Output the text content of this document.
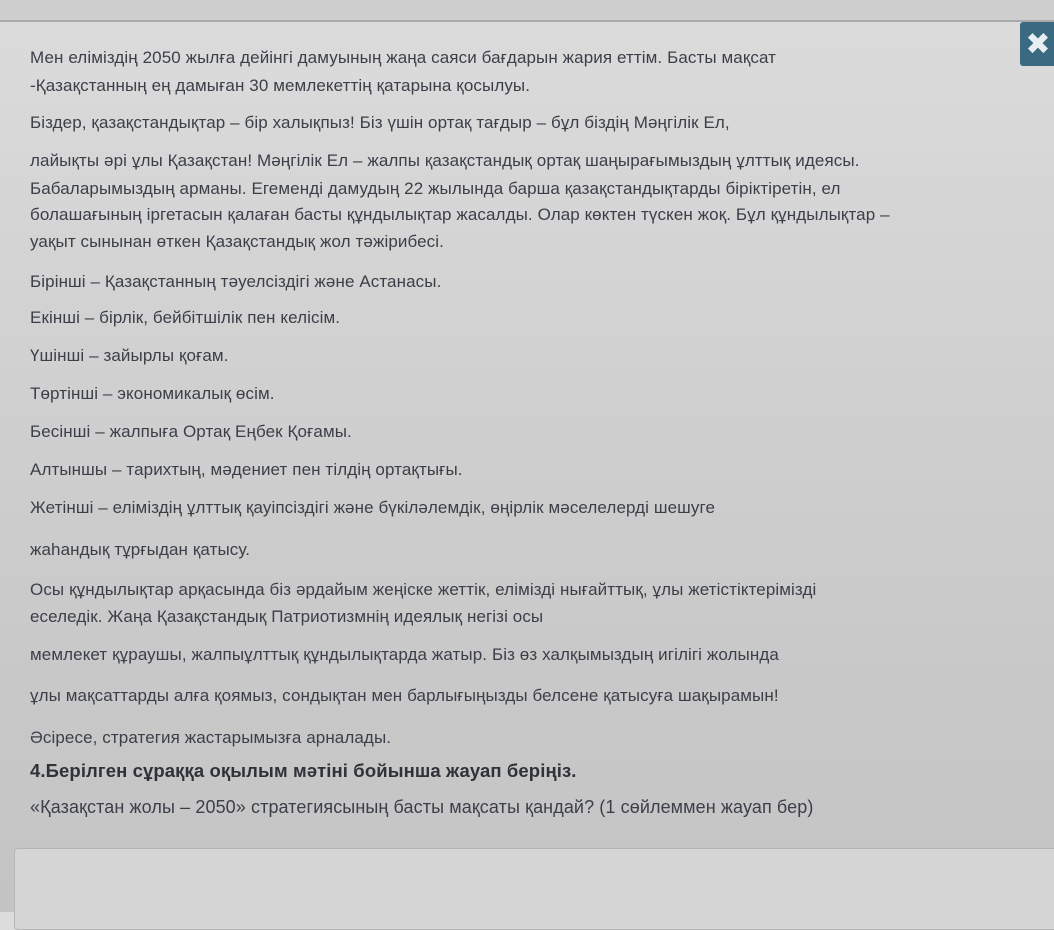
✖
Мен еліміздің 2050 жылға дейінгі дамуының жаңа саяси бағдарын жария еттім. Басты мақсат
-Қазақстанның ең дамыған 30 мемлекеттің қатарына қосылуы.
Біздер, қазақстандықтар – бір халықпыз! Біз үшін ортақ тағдыр – бұл біздің Мәңгілік Ел,
лайықты әрі ұлы Қазақстан! Мәңгілік Ел – жалпы қазақстандық ортақ шаңырағымыздың ұлттық идеясы.
Бабаларымыздың арманы. Егеменді дамудың 22 жылында барша қазақстандықтарды біріктіретін, ел
болашағының іргетасын қалаған басты құндылықтар жасалды. Олар көктен түскен жоқ. Бұл құндылықтар –
уақыт сынынан өткен Қазақстандық жол тәжірибесі.
Бірінші – Қазақстанның тәуелсіздігі және Астанасы.
Екінші – бірлік, бейбітшілік пен келісім.
Үшінші – зайырлы қоғам.
Төртінші – экономикалық өсім.
Бесінші – жалпыға Ортақ Еңбек Қоғамы.
Алтыншы – тарихтың, мәдениет пен тілдің ортақтығы.
Жетінші – еліміздің ұлттық қауіпсіздігі және бүкіләлемдік, өңірлік мәселелерді шешуге
жаһандық тұрғыдан қатысу.
Осы құндылықтар арқасында біз әрдайым жеңіске жеттік, елімізді нығайттық, ұлы жетістіктерімізді
еселедік. Жаңа Қазақстандық Патриотизмнің идеялық негізі осы
мемлекет құраушы, жалпыұлттық құндылықтарда жатыр. Біз өз халқымыздың игілігі жолында
ұлы мақсаттарды алға қоямыз, сондықтан мен барлығыңызды белсене қатысуға шақырамын!
Әсіресе, стратегия жастарымызға арналады.
4.Берілген сұраққа оқылым мәтіні бойынша жауап беріңіз.
«Қазақстан жолы – 2050» стратегиясының басты мақсаты қандай? (1 сөйлеммен жауап бер)
